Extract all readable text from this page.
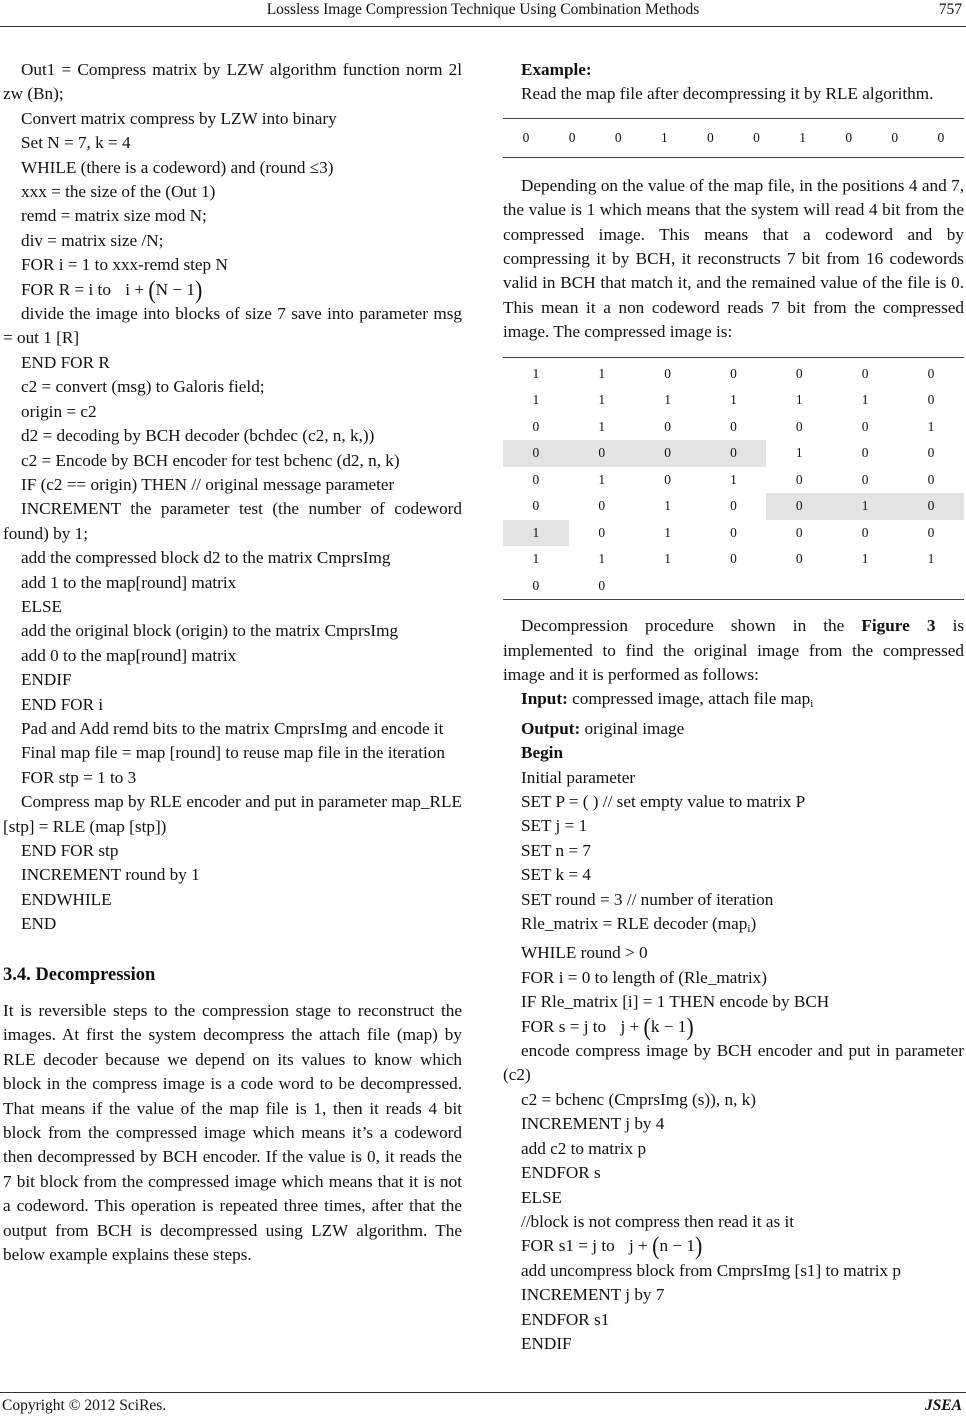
Lossless Image Compression Technique Using Combination Methods	757

Out1 = Compress matrix by LZW algorithm function norm 2l zw (Bn);

Convert matrix compress by LZW into binary

Set N = 7, k = 4

WHILE (there is a codeword) and (round ≤3)

xxx = the size of the (Out 1)

remd = matrix size mod N;

div = matrix size /N;

FOR i = 1 to xxx-remd step N

FOR R = i to i + (N − 1)

divide the image into blocks of size 7 save into parameter msg = out 1 [R]

END FOR R

c2 = convert (msg) to Galoris field;

origin = c2

d2 = decoding by BCH decoder (bchdec (c2, n, k,))

c2 = Encode by BCH encoder for test bchenc (d2, n, k)

IF (c2 == origin) THEN // original message parameter

INCREMENT the parameter test (the number of codeword found) by 1;

add the compressed block d2 to the matrix CmprsImg

add 1 to the map[round] matrix

ELSE

add the original block (origin) to the matrix CmprsImg

add 0 to the map[round] matrix

ENDIF

END FOR i

Pad and Add remd bits to the matrix CmprsImg and encode it

Final map file = map [round] to reuse map file in the iteration

FOR stp = 1 to 3

Compress map by RLE encoder and put in parameter map_RLE [stp] = RLE (map [stp])

END FOR stp

INCREMENT round by 1

ENDWHILE

END

3.4. Decompression

It is reversible steps to the compression stage to reconstruct the images. At first the system decompress the attach file (map) by RLE decoder because we depend on its values to know which block in the compress image is a code word to be decompressed. That means if the value of the map file is 1, then it reads 4 bit block from the compressed image which means it’s a codeword then decompressed by BCH encoder. If the value is 0, it reads the 7 bit block from the compressed image which means that it is not a codeword. This operation is repeated three times, after that the output from BCH is decompressed using LZW algorithm. The below example explains these steps.

Example:

Read the map file after decompressing it by RLE algorithm.

0	0	0	1	0	0	1	0	0	0

Depending on the value of the map file, in the positions 4 and 7, the value is 1 which means that the system will read 4 bit from the compressed image. This means that a codeword and by compressing it by BCH, it reconstructs 7 bit from 16 codewords valid in BCH that match it, and the remained value of the file is 0. This mean it a non codeword reads 7 bit from the compressed image. The compressed image is:

1	1	0	0	0	0	0
1	1	1	1	1	1	0
0	1	0	0	0	0	1
0	0	0	0	1	0	0
0	1	0	1	0	0	0
0	0	1	0	0	1	0
1	0	1	0	0	0	0
1	1	1	0	0	1	1
0	0					

Decompression procedure shown in the Figure 3 is implemented to find the original image from the compressed image and it is performed as follows:

Input: compressed image, attach file map$_i$

Output: original image

Begin

Initial parameter

SET P = ( ) // set empty value to matrix P

SET j = 1

SET n = 7

SET k = 4

SET round = 3 // number of iteration

Rle_matrix = RLE decoder (map$_i$)

WHILE round > 0

FOR i = 0 to length of (Rle_matrix)

IF Rle_matrix [i] = 1 THEN encode by BCH

FOR s = j to j + (k − 1)

encode compress image by BCH encoder and put in parameter (c2)

c2 = bchenc (CmprsImg (s)), n, k)

INCREMENT j by 4

add c2 to matrix p

ENDFOR s

ELSE

//block is not compress then read it as it

FOR s1 = j to j + (n − 1)

add uncompress block from CmprsImg [s1] to matrix p

INCREMENT j by 7

ENDFOR s1

ENDIF

Copyright © 2012 SciRes.	JSEA
